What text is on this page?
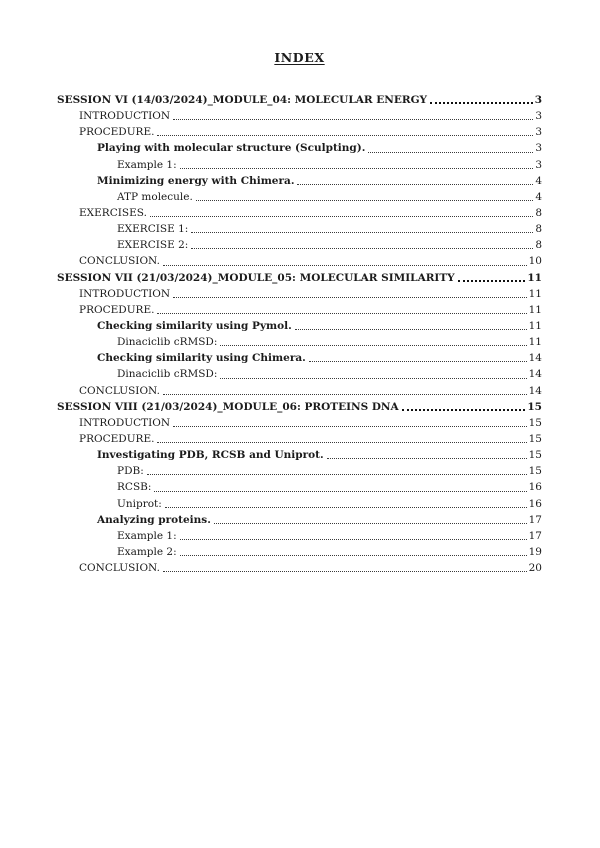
INDEX
SESSION VI (14/03/2024)_MODULE_04: MOLECULAR ENERGY	3
INTRODUCTION	3
PROCEDURE.	3
Playing with molecular structure (Sculpting).	3
Example 1:	3
Minimizing energy with Chimera.	4
ATP molecule.	4
EXERCISES.	8
EXERCISE 1:	8
EXERCISE 2:	8
CONCLUSION.	10
SESSION VII (21/03/2024)_MODULE_05: MOLECULAR SIMILARITY	11
INTRODUCTION	11
PROCEDURE.	11
Checking similarity using Pymol.	11
Dinaciclib cRMSD:	11
Checking similarity using Chimera.	14
Dinaciclib cRMSD:	14
CONCLUSION.	14
SESSION VIII (21/03/2024)_MODULE_06: PROTEINS DNA	15
INTRODUCTION	15
PROCEDURE.	15
Investigating PDB, RCSB and Uniprot.	15
PDB:	15
RCSB:	16
Uniprot:	16
Analyzing proteins.	17
Example 1:	17
Example 2:	19
CONCLUSION.	20
